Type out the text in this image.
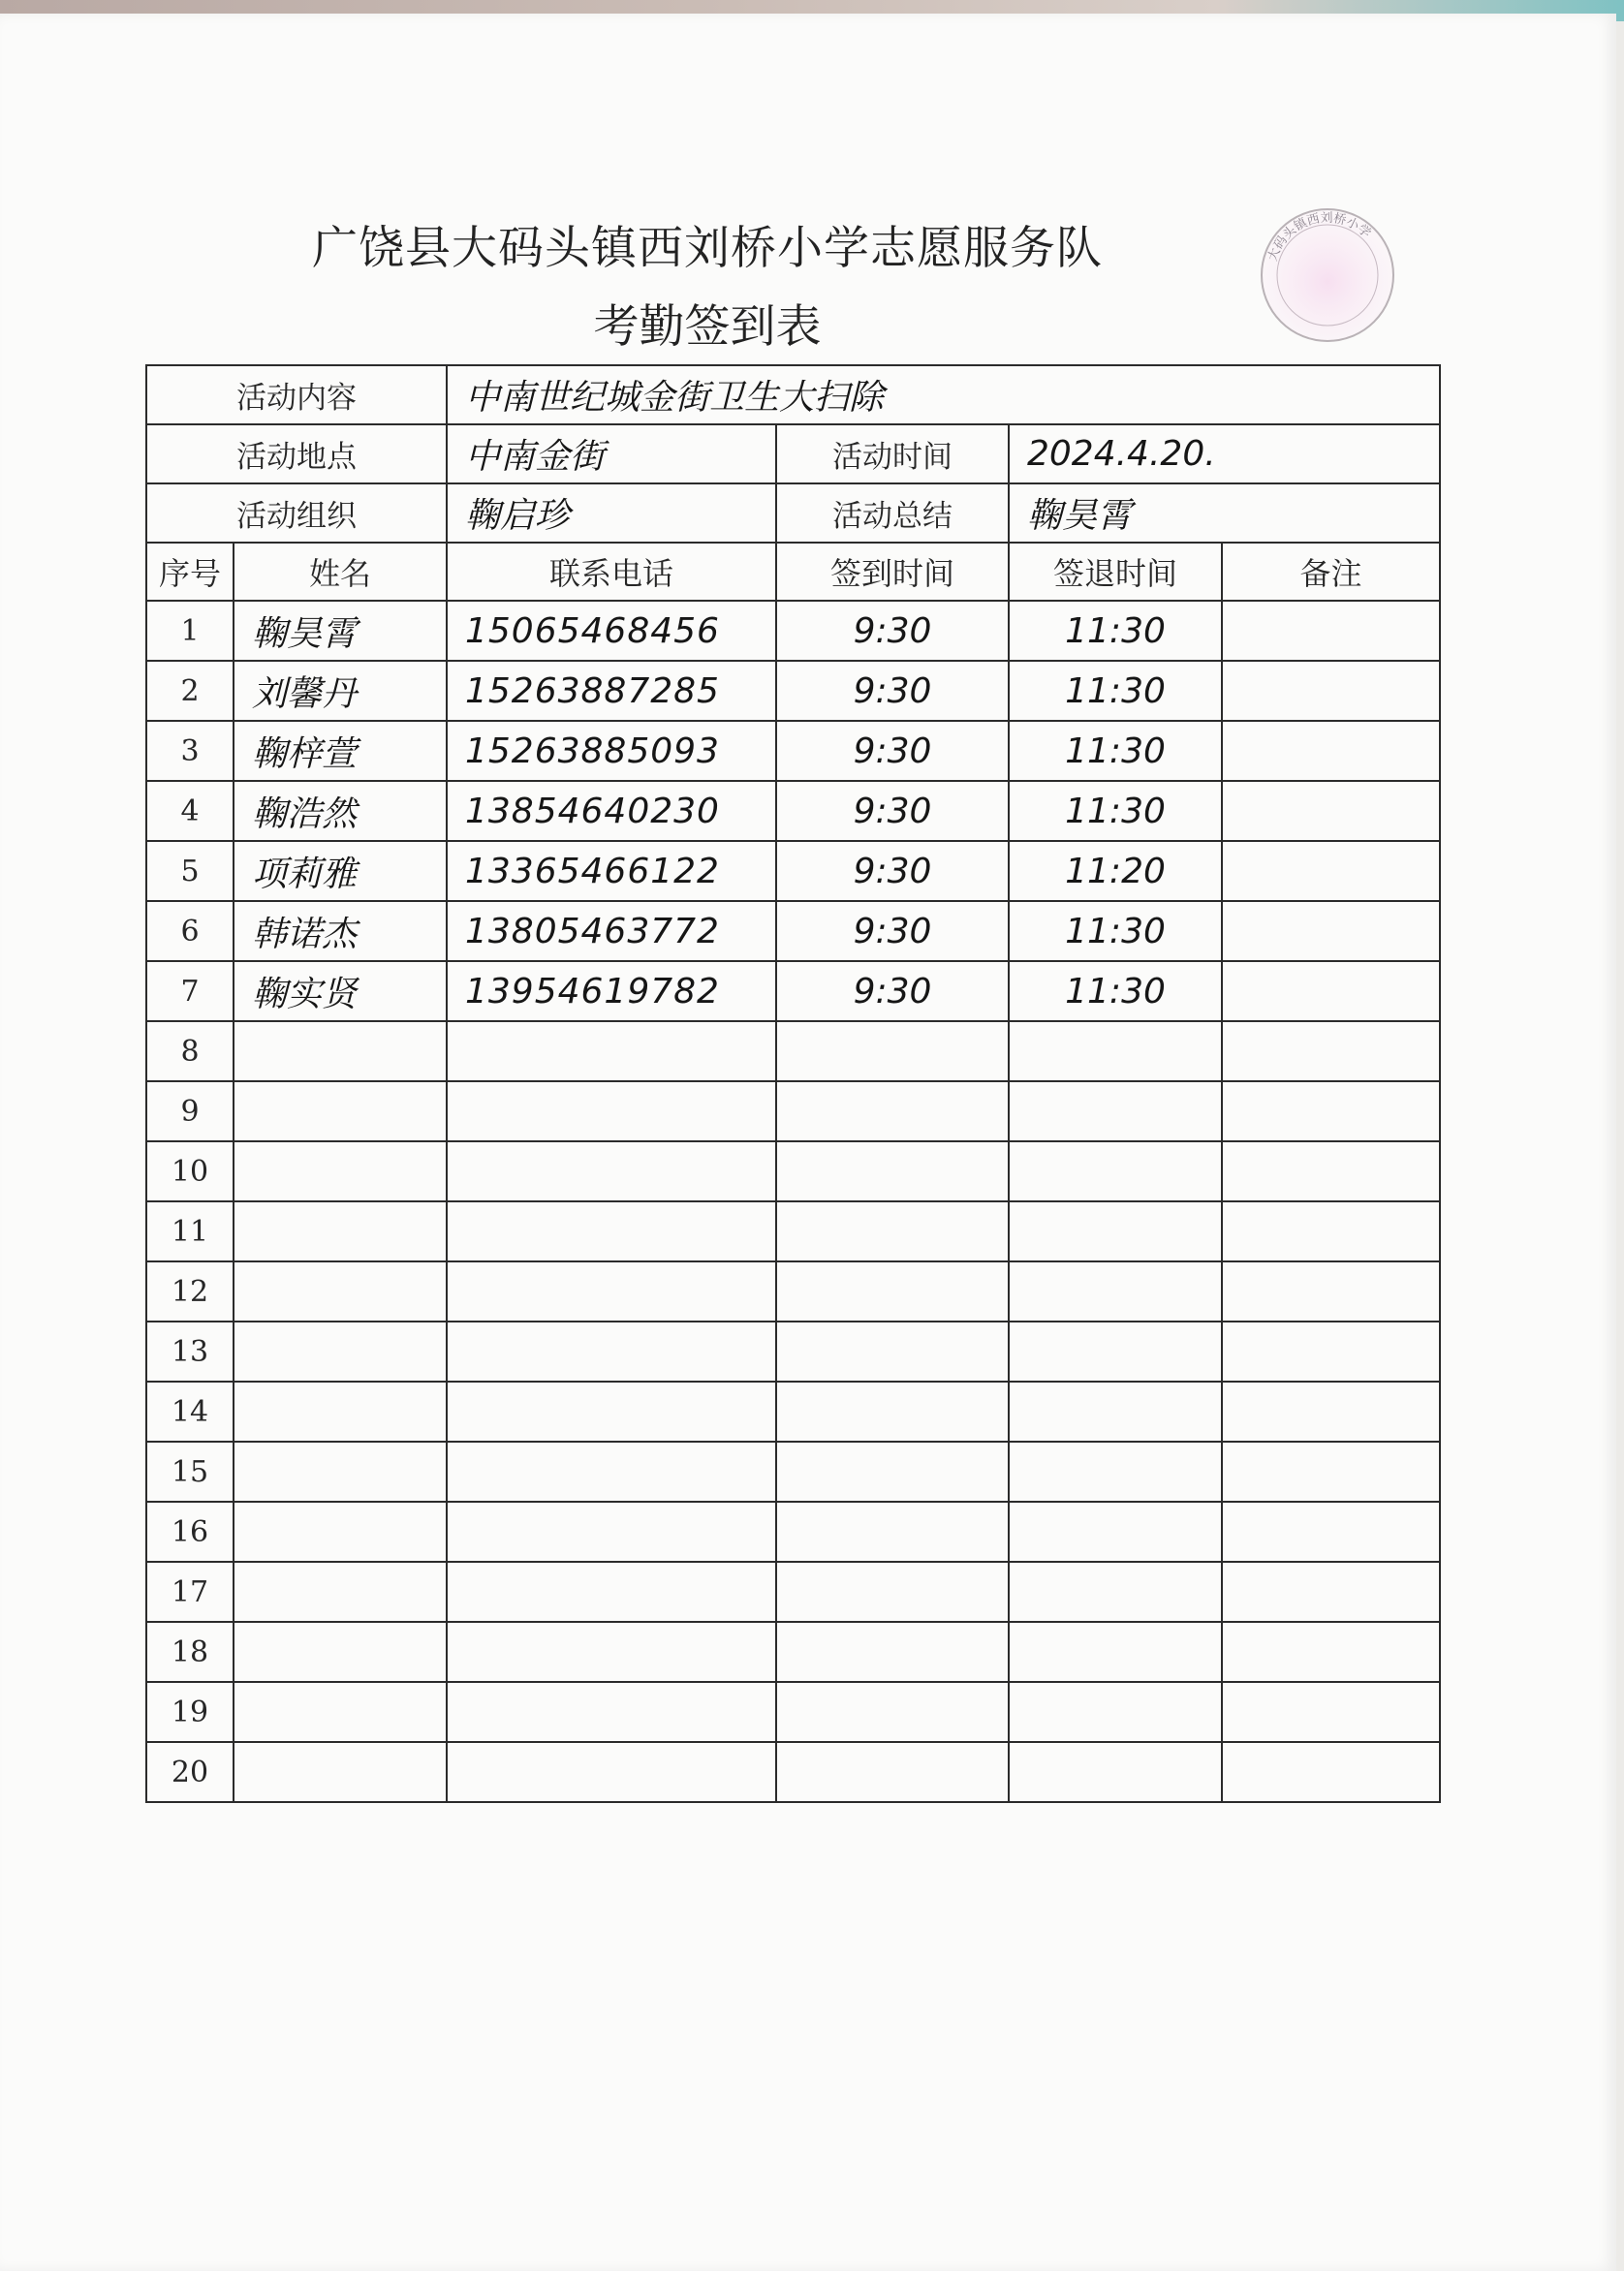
广饶县大码头镇西刘桥小学志愿服务队
考勤签到表
大码头镇西刘桥小学
活动内容		中南世纪城金街卫生大扫除			
活动地点		中南金街	活动时间	2024.4.20.	
活动组织		鞠启珍	活动总结	鞠昊霄	
序号	姓名	联系电话	签到时间	签退时间	备注
1	鞠昊霄	15065468456	9:30	11:30	
2	刘馨丹	15263887285	9:30	11:30	
3	鞠梓萱	15263885093	9:30	11:30	
4	鞠浩然	13854640230	9:30	11:30	
5	项莉雅	13365466122	9:30	11:20	
6	韩诺杰	13805463772	9:30	11:30	
7	鞠实贤	13954619782	9:30	11:30	
8					
9					
10					
11					
12					
13					
14					
15					
16					
17					
18					
19					
20					
